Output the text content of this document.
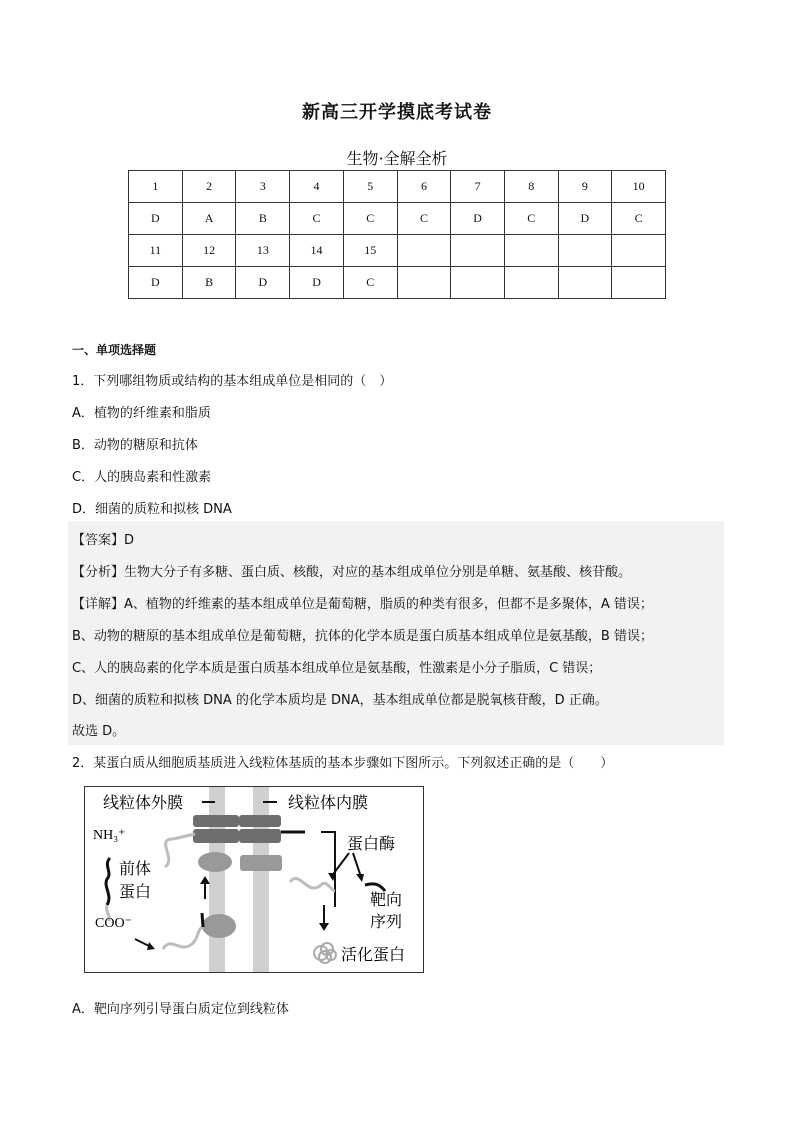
新高三开学摸底考试卷
生物·全解全析
1	2	3	4	5	6	7	8	9	10
D	A	B	C	C	C	D	C	D	C
11	12	13	14	15					
D	B	D	D	C					
一、单项选择题
1．下列哪组物质或结构的基本组成单位是相同的（　）
A．植物的纤维素和脂质
B．动物的糖原和抗体
C．人的胰岛素和性激素
D．细菌的质粒和拟核 DNA
【答案】D
【分析】生物大分子有多糖、蛋白质、核酸，对应的基本组成单位分别是单糖、氨基酸、核苷酸。
【详解】A、植物的纤维素的基本组成单位是葡萄糖，脂质的种类有很多，但都不是多聚体，A 错误；
B、动物的糖原的基本组成单位是葡萄糖，抗体的化学本质是蛋白质基本组成单位是氨基酸，B 错误；
C、人的胰岛素的化学本质是蛋白质基本组成单位是氨基酸，性激素是小分子脂质，C 错误；
D、细菌的质粒和拟核 DNA 的化学本质均是 DNA，基本组成单位都是脱氧核苷酸，D 正确。
故选 D。
2．某蛋白质从细胞质基质进入线粒体基质的基本步骤如下图所示。下列叙述正确的是（　　）
线粒体外膜	线粒体内膜
NH₃⁺
前体
蛋白
COO⁻
蛋白酶
靶向
序列
活化蛋白
A．靶向序列引导蛋白质定位到线粒体
